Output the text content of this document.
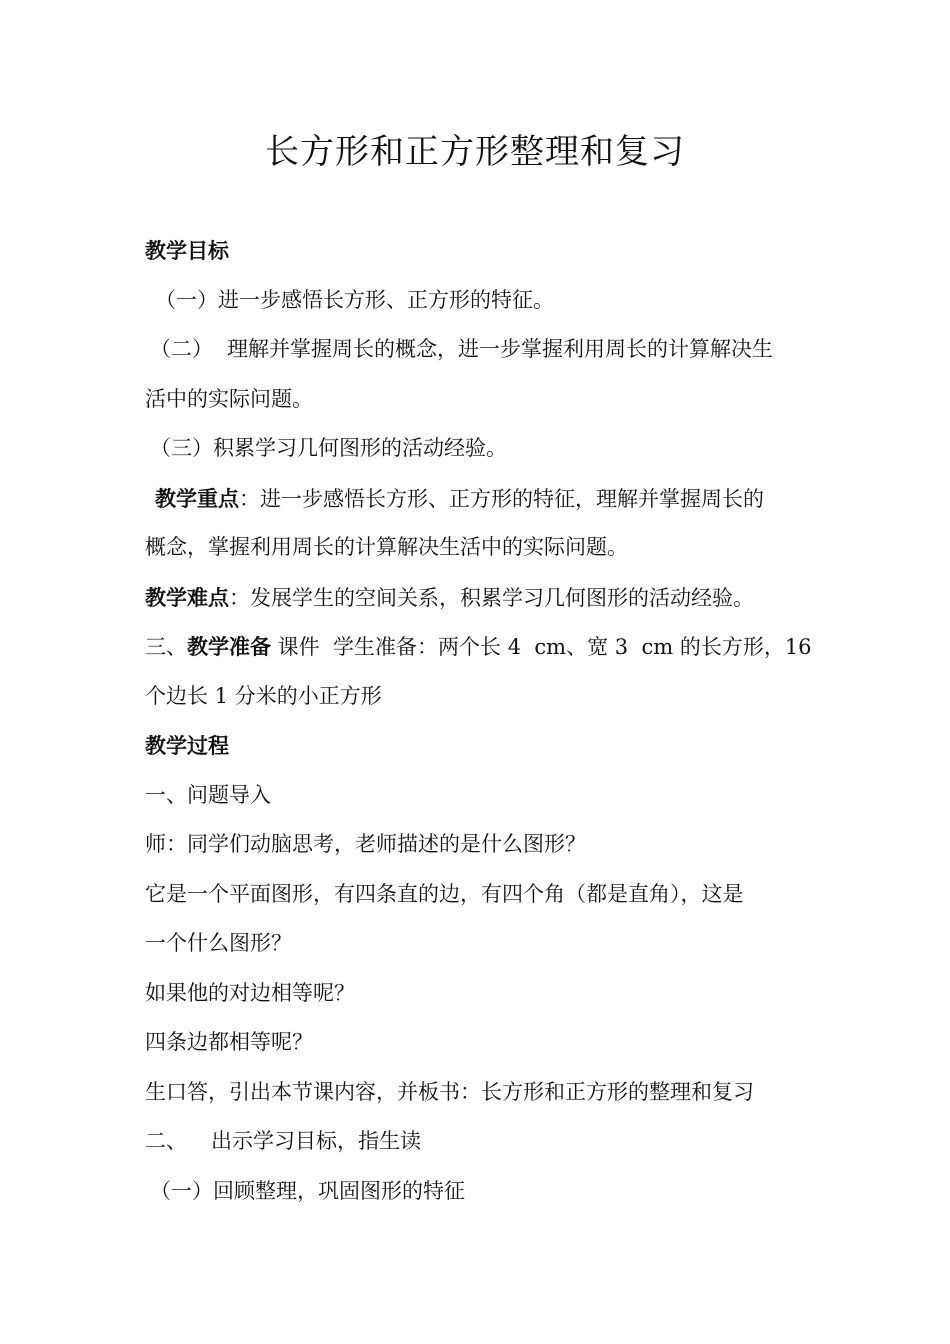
长方形和正方形整理和复习
教学目标
（一）进一步感悟长方形、正方形的特征。
（二） 理解并掌握周长的概念，进一步掌握利用周长的计算解决生
活中的实际问题。
（三）积累学习几何图形的活动经验。
教学重点：进一步感悟长方形、正方形的特征，理解并掌握周长的
概念，掌握利用周长的计算解决生活中的实际问题。
教学难点：发展学生的空间关系，积累学习几何图形的活动经验。
三、教学准备 课件  学生准备：两个长 4  cm、宽 3  cm 的长方形，16
个边长 1 分米的小正方形
教学过程
一、问题导入
师：同学们动脑思考，老师描述的是什么图形？
它是一个平面图形，有四条直的边，有四个角（都是直角），这是
一个什么图形？
如果他的对边相等呢？
四条边都相等呢？
生口答，引出本节课内容，并板书：长方形和正方形的整理和复习
二、 出示学习目标，指生读
（一）回顾整理，巩固图形的特征
